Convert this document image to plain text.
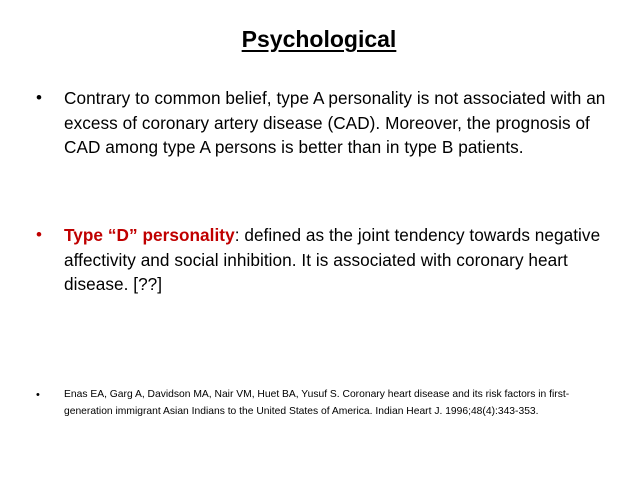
Psychological
• Contrary to common belief, type A personality is not associated with an excess of coronary artery disease (CAD). Moreover, the prognosis of CAD among type A persons is better than in type B patients.
• Type “D” personality: defined as the joint tendency towards negative affectivity and social inhibition. It is associated with coronary heart disease. [??]
• Enas EA, Garg A, Davidson MA, Nair VM, Huet BA, Yusuf S. Coronary heart disease and its risk factors in first-generation immigrant Asian Indians to the United States of America. Indian Heart J. 1996;48(4):343-353.
